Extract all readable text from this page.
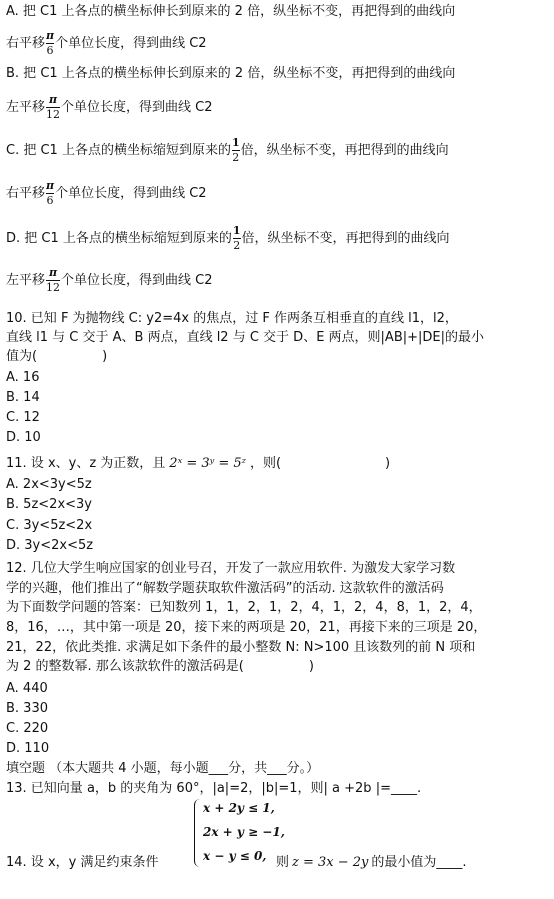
A. 把 C1 上各点的横坐标伸长到原来的 2 倍，纵坐标不变，再把得到的曲线向
右平移 $\frac{\pi}{6}$ 个单位长度，得到曲线 C2
B. 把 C1 上各点的横坐标伸长到原来的 2 倍，纵坐标不变，再把得到的曲线向
左平移 $\frac{\pi}{12}$ 个单位长度，得到曲线 C2
C. 把 C1 上各点的横坐标缩短到原来的 $\frac{1}{2}$ 倍，纵坐标不变，再把得到的曲线向
右平移 $\frac{\pi}{6}$ 个单位长度，得到曲线 C2
D. 把 C1 上各点的横坐标缩短到原来的 $\frac{1}{2}$ 倍，纵坐标不变，再把得到的曲线向
左平移 $\frac{\pi}{12}$ 个单位长度，得到曲线 C2
10. 已知 F 为抛物线 C: y2=4x 的焦点，过 F 作两条互相垂直的直线 l1，l2，
直线 l1 与 C 交于 A、B 两点，直线 l2 与 C 交于 D、E 两点，则|AB|+|DE|的最小
值为(　　　　　)
A. 16
B. 14
C. 12
D. 10
11. 设 x、y、z 为正数，且 2ˣ = 3ʸ = 5ᶻ ，则(　　　　　　　　)
A. 2x<3y<5z
B. 5z<2x<3y
C. 3y<5z<2x
D. 3y<2x<5z
12. 几位大学生响应国家的创业号召，开发了一款应用软件. 为激发大家学习数
学的兴趣，他们推出了“解数学题获取软件激活码”的活动. 这款软件的激活码
为下面数学问题的答案：已知数列 1，1，2，1，2，4，1，2，4，8，1，2，4，
8，16，…，其中第一项是 20，接下来的两项是 20，21，再接下来的三项是 20，
21，22，依此类推. 求满足如下条件的最小整数 N: N>100 且该数列的前 N 项和
为 2 的整数幂. 那么该款软件的激活码是(　　　　　)
A. 440
B. 330
C. 220
D. 110
填空题 （本大题共 4 小题，每小题___分，共___分。）
13. 已知向量 a，b 的夹角为 60°，|a|=2，|b|=1，则| a +2b |=____.
14. 设 x，y 满足约束条件
x + 2y ≤ 1,
2x + y ≥ −1,
x − y ≤ 0, 则 z = 3x − 2y 的最小值为____.
